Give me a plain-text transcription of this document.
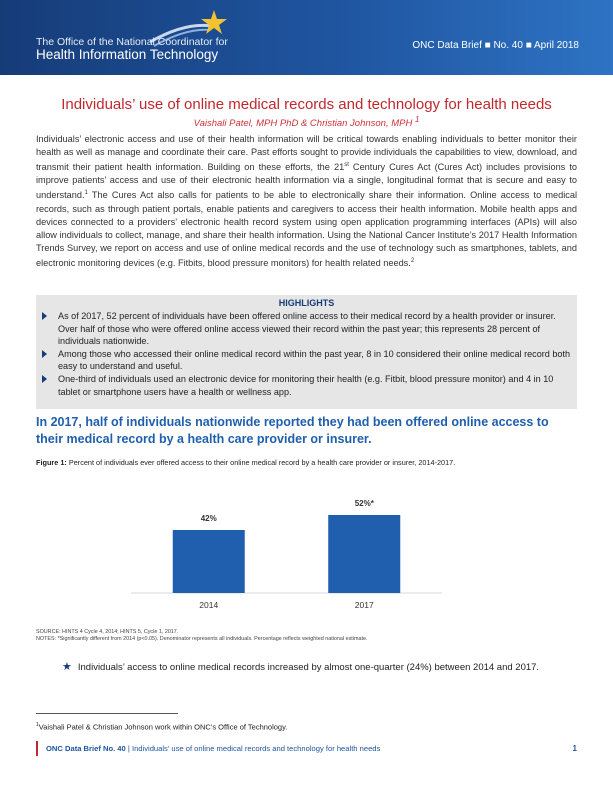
The Office of the National Coordinator for
Health Information Technology
ONC Data Brief ■ No. 40 ■ April 2018
Individuals’ use of online medical records and technology for health needs
Vaishali Patel, MPH PhD & Christian Johnson, MPH $^1$
Individuals’ electronic access and use of their health information will be critical towards enabling individuals to better monitor their health as well as manage and coordinate their care. Past efforts sought to provide individuals the capabilities to view, download, and transmit their patient health information. Building on these efforts, the 21st Century Cures Act (Cures Act) includes provisions to improve patients’ access and use of their electronic health information via a single, longitudinal format that is secure and easy to understand.$^1$ The Cures Act also calls for patients to be able to electronically share their information. Online access to medical records, such as through patient portals, enable patients and caregivers to access their health information. Mobile health apps and devices connected to a providers’ electronic health record system using open application programming interfaces (APIs) will also allow individuals to collect, manage, and share their health information. Using the National Cancer Institute’s 2017 Health Information Trends Survey, we report on access and use of online medical records and the use of technology such as smartphones, tablets, and electronic monitoring devices (e.g. Fitbits, blood pressure monitors) for health related needs.$^2$
HIGHLIGHTS
As of 2017, 52 percent of individuals have been offered online access to their medical record by a health provider or insurer. Over half of those who were offered online access viewed their record within the past year; this represents 28 percent of individuals nationwide.
Among those who accessed their online medical record within the past year, 8 in 10 considered their online medical record both easy to understand and useful.
One-third of individuals used an electronic device for monitoring their health (e.g. Fitbit, blood pressure monitor) and 4 in 10 tablet or smartphone users have a health or wellness app.
In 2017, half of individuals nationwide reported they had been offered online access to their medical record by a health care provider or insurer.
Figure 1: Percent of individuals ever offered access to their online medical record by a health care provider or insurer, 2014-2017.
42%
2014
52%*
2017
SOURCE: HINTS 4 Cycle 4, 2014; HINTS 5, Cycle 1, 2017.
NOTES: *Significantly different from 2014 (p<0.05). Denominator represents all individuals. Percentage reflects weighted national estimate.
★ Individuals’ access to online medical records increased by almost one-quarter (24%) between 2014 and 2017.
$^1$Vaishali Patel & Christian Johnson work within ONC’s Office of Technology.
ONC Data Brief No. 40 | Individuals’ use of online medical records and technology for health needs	1
